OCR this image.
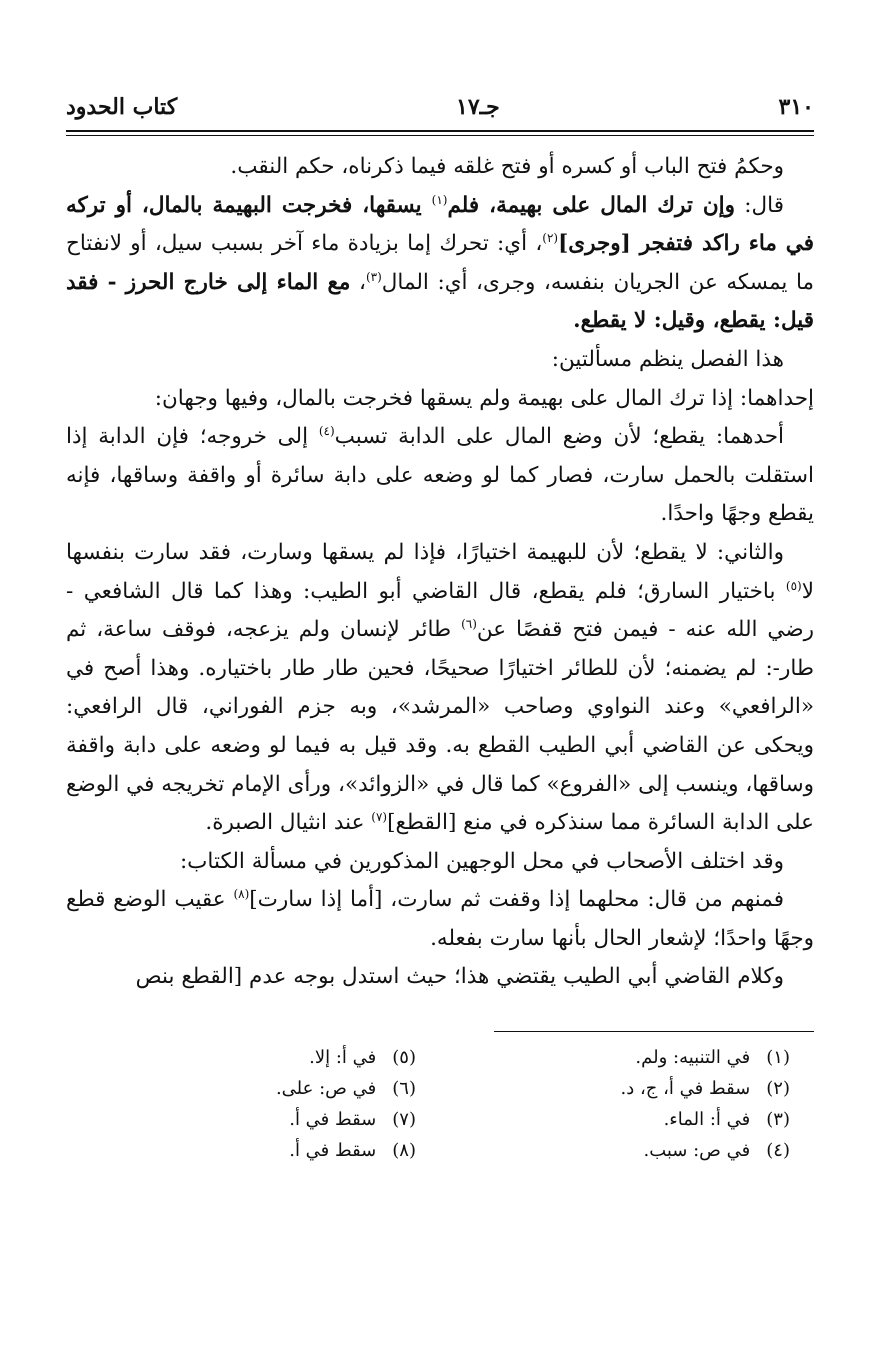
٣١٠
جـ١٧
كتاب الحدود

وحكمُ فتح الباب أو كسره أو فتح غلقه فيما ذكرناه، حكم النقب.

قال: وإن ترك المال على بهيمة، فلم$^{(١)}$ يسقها، فخرجت البهيمة بالمال، أو تركه في ماء راكد فتفجر [وجرى]$^{(٢)}$، أي: تحرك إما بزيادة ماء آخر بسبب سيل، أو لانفتاح ما يمسكه عن الجريان بنفسه، وجرى، أي: المال$^{(٣)}$، مع الماء إلى خارج الحرز - فقد قيل: يقطع، وقيل: لا يقطع.

هذا الفصل ينظم مسألتين:

إحداهما: إذا ترك المال على بهيمة ولم يسقها فخرجت بالمال، وفيها وجهان:

أحدهما: يقطع؛ لأن وضع المال على الدابة تسبب$^{(٤)}$ إلى خروجه؛ فإن الدابة إذا استقلت بالحمل سارت، فصار كما لو وضعه على دابة سائرة أو واقفة وساقها، فإنه يقطع وجهًا واحدًا.

والثاني: لا يقطع؛ لأن للبهيمة اختيارًا، فإذا لم يسقها وسارت، فقد سارت بنفسها لا$^{(٥)}$ باختيار السارق؛ فلم يقطع، قال القاضي أبو الطيب: وهذا كما قال الشافعي - رضي الله عنه - فيمن فتح قفصًا عن$^{(٦)}$ طائر لإنسان ولم يزعجه، فوقف ساعة، ثم طار-: لم يضمنه؛ لأن للطائر اختيارًا صحيحًا، فحين طار طار باختياره. وهذا أصح في «الرافعي» وعند النواوي وصاحب «المرشد»، وبه جزم الفوراني، قال الرافعي: ويحكى عن القاضي أبي الطيب القطع به. وقد قيل به فيما لو وضعه على دابة واقفة وساقها، وينسب إلى «الفروع» كما قال في «الزوائد»، ورأى الإمام تخريجه في الوضع على الدابة السائرة مما سنذكره في منع [القطع]$^{(٧)}$ عند انثيال الصبرة.

وقد اختلف الأصحاب في محل الوجهين المذكورين في مسألة الكتاب:

فمنهم من قال: محلهما إذا وقفت ثم سارت، [أما إذا سارت]$^{(٨)}$ عقيب الوضع قطع وجهًا واحدًا؛ لإشعار الحال بأنها سارت بفعله.

وكلام القاضي أبي الطيب يقتضي هذا؛ حيث استدل بوجه عدم [القطع بنص

(١) في التنبيه: ولم.
(٢) سقط في أ، ج، د.
(٣) في أ: الماء.
(٤) في ص: سبب.
(٥) في أ: إلا.
(٦) في ص: على.
(٧) سقط في أ.
(٨) سقط في أ.
